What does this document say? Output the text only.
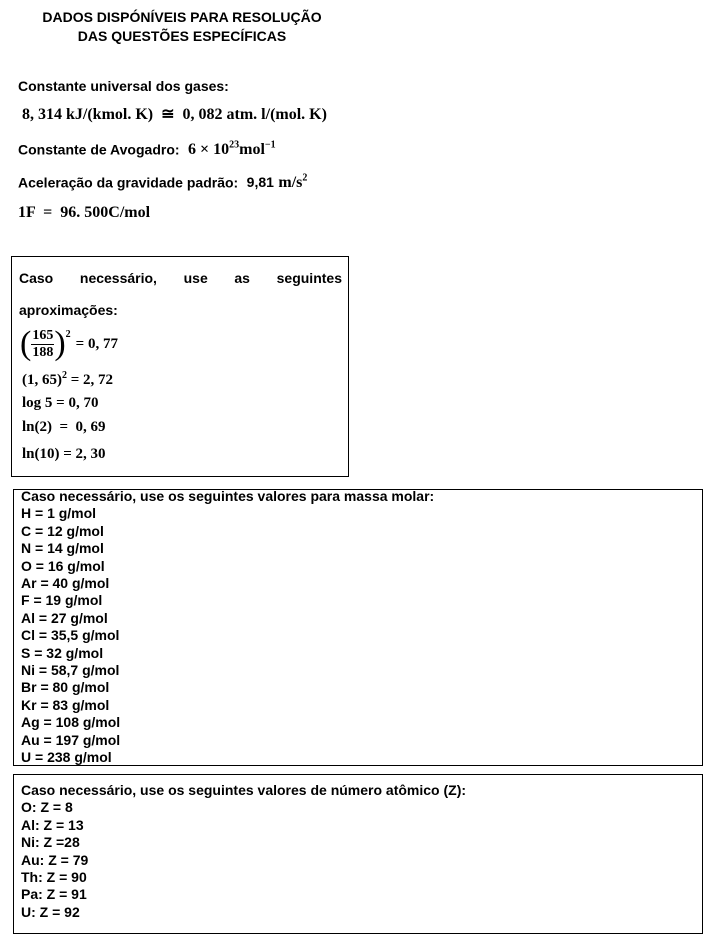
DADOS DISPÓNÍVEIS PARA RESOLUÇÃO
DAS QUESTÕES ESPECÍFICAS
Constante universal dos gases:
8, 314 kJ/(kmol. K)  ≅  0, 082 atm. l/(mol. K)
Constante de Avogadro: $6 \times 10^{23}mol^{-1}$
Aceleração da gravidade padrão: 9,81 $m/s^2$
1F  =  96. 500C/mol
Caso necessário, use as seguintes
aproximações:
( $\frac{165}{188} )^2$
= 0, 77
(1, 65)$^2$ = 2, 72
log 5 = 0, 70
ln(2)  =  0, 69
ln(10) = 2, 30
Caso necessário, use os seguintes valores para massa molar:
H = 1 g/mol
C = 12 g/mol
N = 14 g/mol
O = 16 g/mol
Ar = 40 g/mol
F = 19 g/mol
Al = 27 g/mol
Cl = 35,5 g/mol
S = 32 g/mol
Ni = 58,7 g/mol
Br = 80 g/mol
Kr = 83 g/mol
Ag = 108 g/mol
Au = 197 g/mol
U = 238 g/mol
Caso necessário, use os seguintes valores de número atômico (Z):
O: Z = 8
Al: Z = 13
Ni: Z =28
Au: Z = 79
Th: Z = 90
Pa: Z = 91
U: Z = 92
